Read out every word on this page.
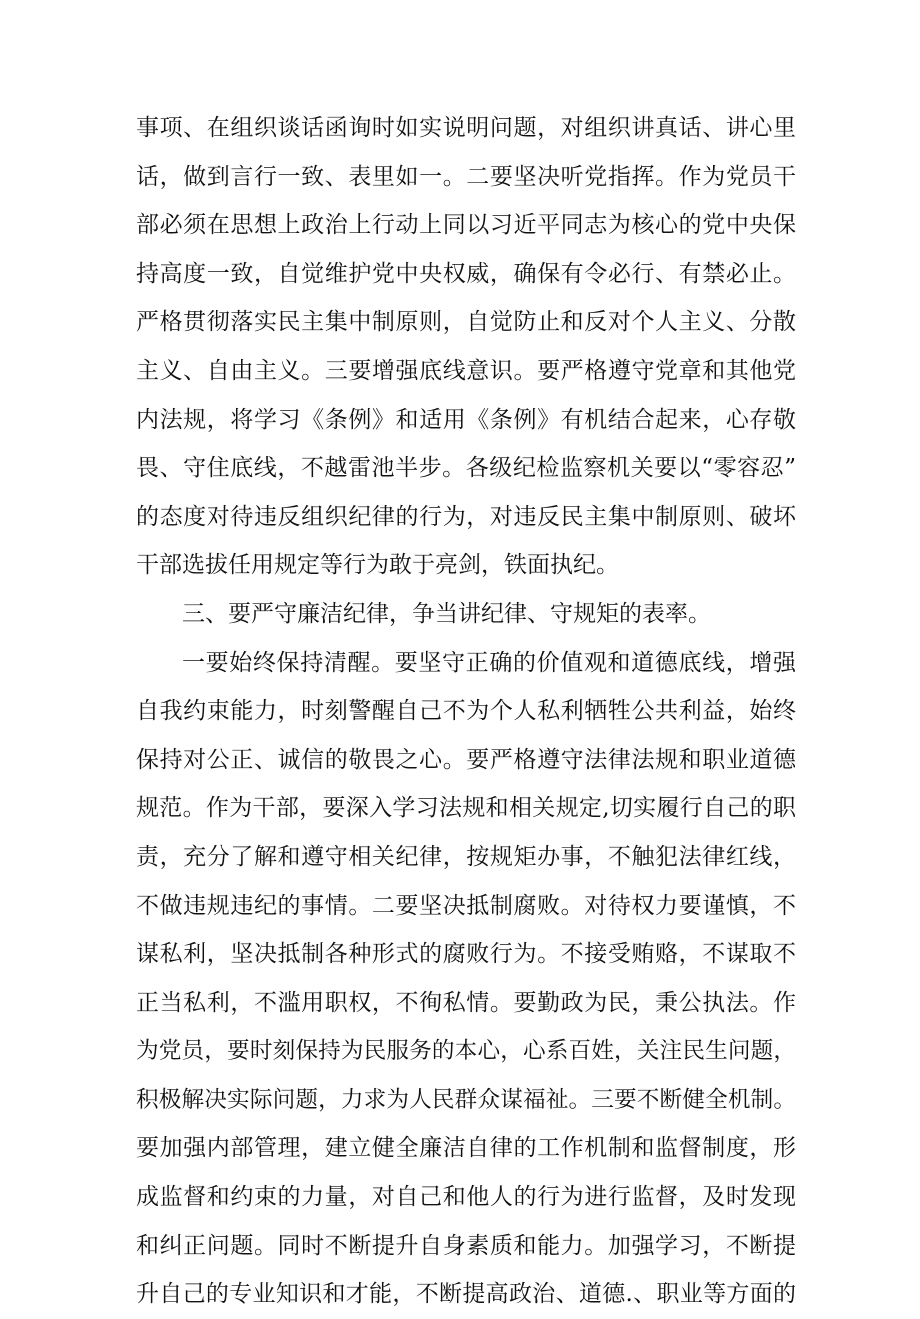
事项、在组织谈话函询时如实说明问题，对组织讲真话、讲心里
话，做到言行一致、表里如一。二要坚决听党指挥。作为党员干
部必须在思想上政治上行动上同以习近平同志为核心的党中央保
持高度一致，自觉维护党中央权威，确保有令必行、有禁必止。
严格贯彻落实民主集中制原则，自觉防止和反对个人主义、分散
主义、自由主义。三要增强底线意识。要严格遵守党章和其他党
内法规，将学习《条例》和适用《条例》有机结合起来，心存敬
畏、守住底线，不越雷池半步。各级纪检监察机关要以“零容忍”
的态度对待违反组织纪律的行为，对违反民主集中制原则、破坏
干部选拔任用规定等行为敢于亮剑，铁面执纪。
三、要严守廉洁纪律，争当讲纪律、守规矩的表率。
一要始终保持清醒。要坚守正确的价值观和道德底线，增强
自我约束能力，时刻警醒自己不为个人私利牺牲公共利益，始终
保持对公正、诚信的敬畏之心。要严格遵守法律法规和职业道德
规范。作为干部，要深入学习法规和相关规定,切实履行自己的职
责，充分了解和遵守相关纪律，按规矩办事，不触犯法律红线，
不做违规违纪的事情。二要坚决抵制腐败。对待权力要谨慎，不
谋私利，坚决抵制各种形式的腐败行为。不接受贿赂，不谋取不
正当私利，不滥用职权，不徇私情。要勤政为民，秉公执法。作
为党员，要时刻保持为民服务的本心，心系百姓，关注民生问题，
积极解决实际问题，力求为人民群众谋福祉。三要不断健全机制。
要加强内部管理，建立健全廉洁自律的工作机制和监督制度，形
成监督和约束的力量，对自己和他人的行为进行监督，及时发现
和纠正问题。同时不断提升自身素质和能力。加强学习，不断提
升自己的专业知识和才能，不断提高政治、道德.、职业等方面的
